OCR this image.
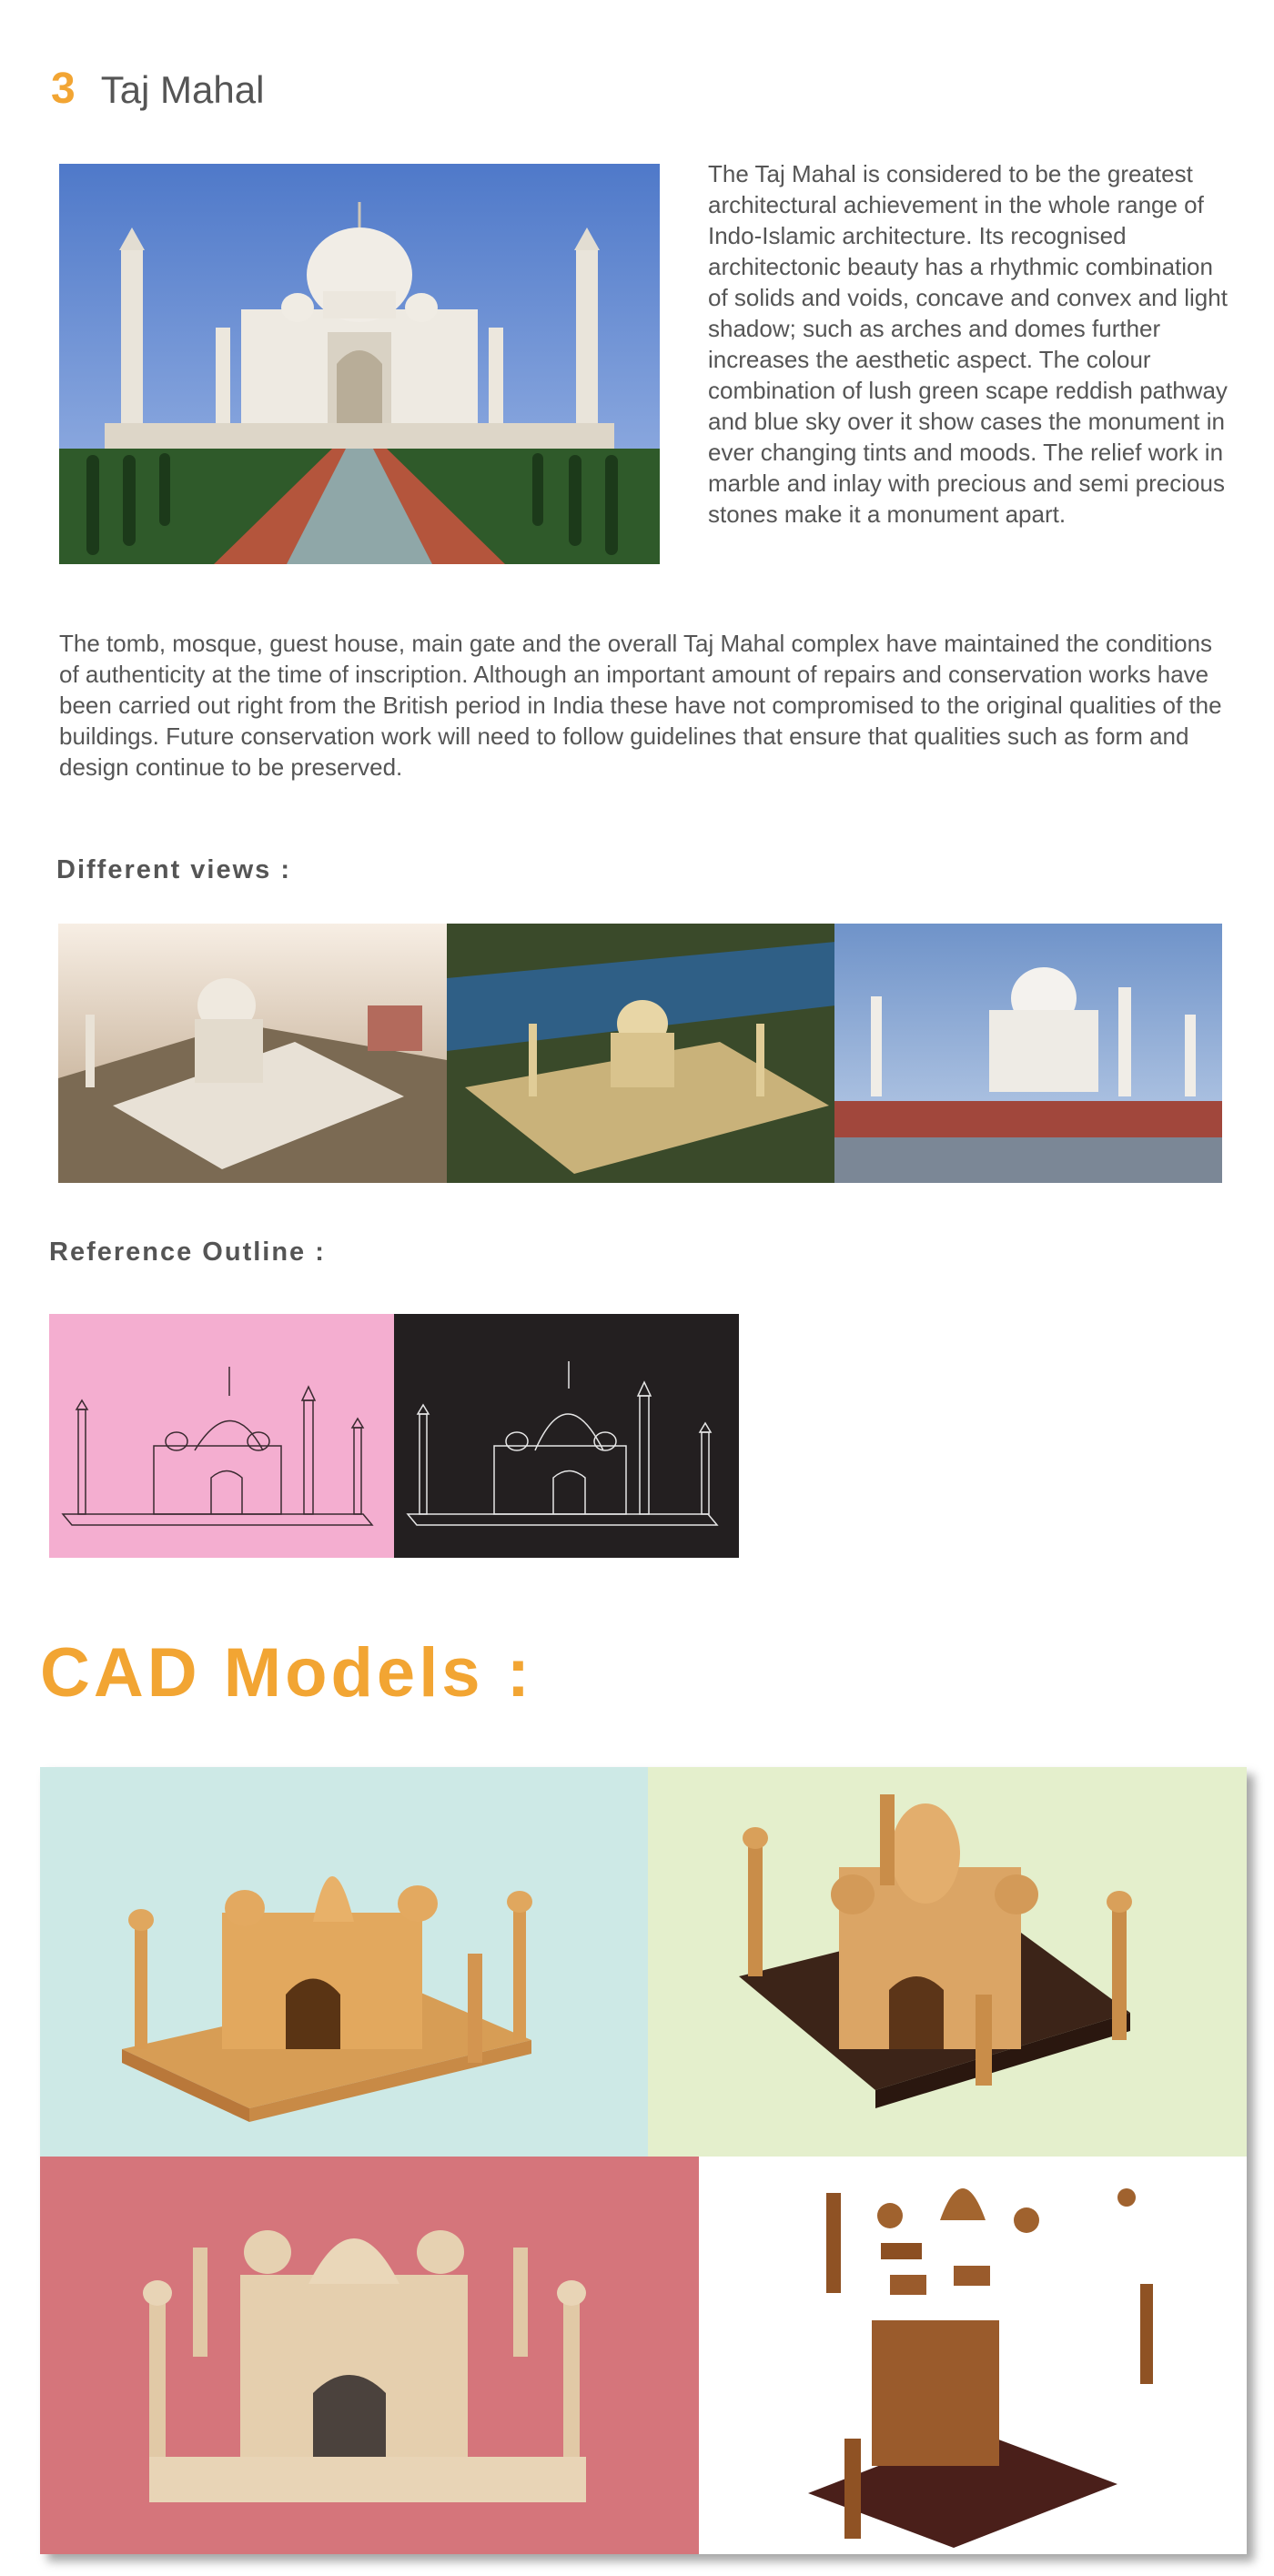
3 Taj Mahal

The Taj Mahal is considered to be the greatest architectural achievement in the whole range of Indo-Islamic architecture. Its recognised architectonic beauty has a rhythmic combination of solids and voids, concave and convex and light shadow; such as arches and domes further increases the aesthetic aspect. The colour combination of lush green scape reddish pathway and blue sky over it show cases the monument in ever changing tints and moods. The relief work in marble and inlay with precious and semi precious stones make it a monument apart.

The tomb, mosque, guest house, main gate and the overall Taj Mahal complex have maintained the conditions of authenticity at the time of inscription. Although an important amount of repairs and conservation works have been carried out right from the British period in India these have not compromised to the original qualities of the buildings. Future conservation work will need to follow guidelines that ensure that qualities such as form and design continue to be preserved.

Different views :
Reference Outline :
CAD Models :
